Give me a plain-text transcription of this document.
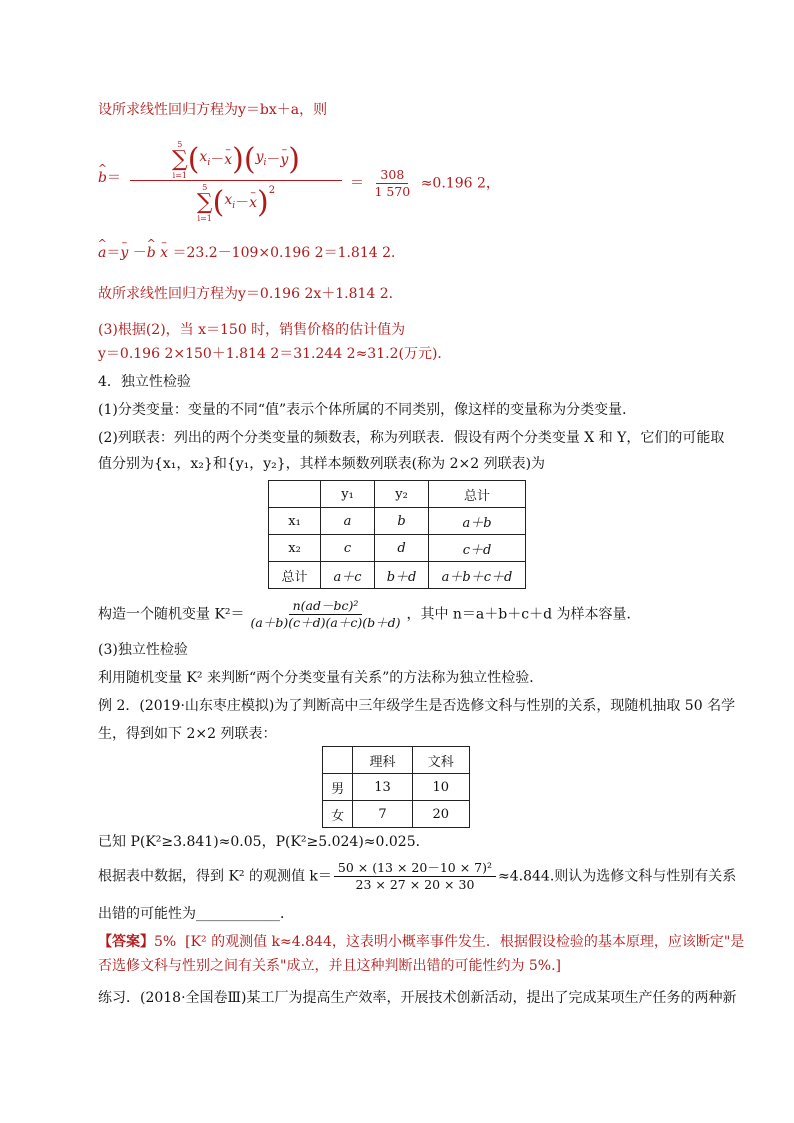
设所求线性回归方程为y＝bx＋a，则
^ b＝
5
∑
i=1 ( $x_i$ － – x ) ( $y_i$ － – y )
5
∑
i=1 ( $x_i$ － – x )$^2$	＝ $\frac{308}{1 570} \approx 0.196$ 2，
^ a＝– y －^ b – x ＝23.2－109×0.196 2＝1.814 2．
故所求线性回归方程为y＝0.196 2x＋1.814 2．
(3)根据(2)，当 x＝150 时，销售价格的估计值为
y＝0.196 2×150＋1.814 2＝31.244 2≈31.2(万元)．
4．独立性检验
(1)分类变量：变量的不同“值”表示个体所属的不同类别，像这样的变量称为分类变量．
(2)列联表：列出的两个分类变量的频数表，称为列联表．假设有两个分类变量 X 和 Y，它们的可能取
值分别为{x₁，x₂}和{y₁，y₂}，其样本频数列联表(称为 2×2 列联表)为
	y₁	y₂	总计
x₁	a	b	a＋b
x₂	c	d	c＋d
总计	a＋c	b＋d	a＋b＋c＋d
构造一个随机变量 $K^2= \frac{\text{n(ad－bc)²}}{(a+b)(c+d)(a+c)(b+d)}$ ，其中 n＝a＋b＋c＋d 为样本容量．
(3)独立性检验
利用随机变量 K² 来判断“两个分类变量有关系”的方法称为独立性检验．
例 2．(2019·山东枣庄模拟)为了判断高中三年级学生是否选修文科与性别的关系，现随机抽取 50 名学
生，得到如下 2×2 列联表：
	理科	文科
男	13	10
女	7	20
已知 P(K²≥3.841)≈0.05，P(K²≥5.024)≈0.025．
根据表中数据，得到 K² 的观测值 $k= \frac{\text{50 × (13 × 20－10 × 7)²}}{23 \times 27 \times 20 \times 30} \approx 4.844$.则认为选修文科与性别有关系
出错的可能性为____________．
【答案】5% [K² 的观测值 k≈4.844，这表明小概率事件发生．根据假设检验的基本原理，应该断定"是
否选修文科与性别之间有关系"成立，并且这种判断出错的可能性约为 5%.]
练习．(2018·全国卷Ⅲ)某工厂为提高生产效率，开展技术创新活动，提出了完成某项生产任务的两种新
